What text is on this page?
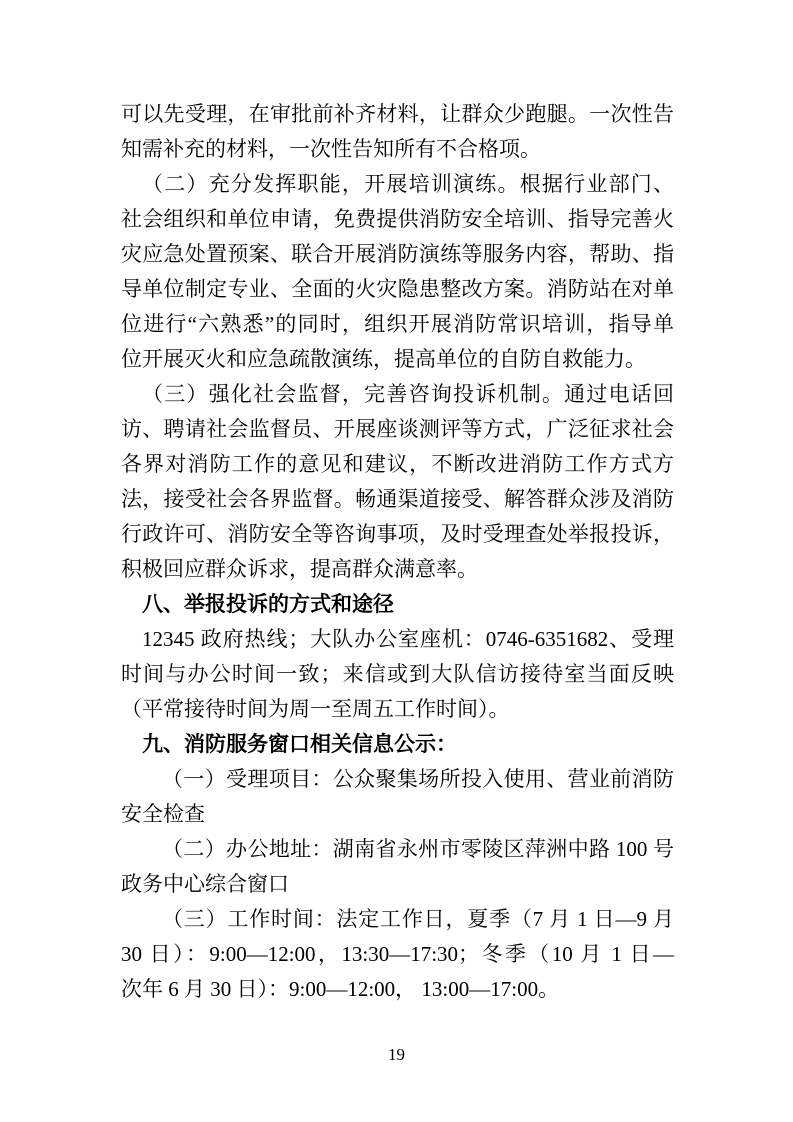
可以先受理，在审批前补齐材料，让群众少跑腿。一次性告
知需补充的材料，一次性告知所有不合格项。
（二）充分发挥职能，开展培训演练。根据行业部门、
社会组织和单位申请，免费提供消防安全培训、指导完善火
灾应急处置预案、联合开展消防演练等服务内容，帮助、指
导单位制定专业、全面的火灾隐患整改方案。消防站在对单
位进行“六熟悉”的同时，组织开展消防常识培训，指导单
位开展灭火和应急疏散演练，提高单位的自防自救能力。
（三）强化社会监督，完善咨询投诉机制。通过电话回
访、聘请社会监督员、开展座谈测评等方式，广泛征求社会
各界对消防工作的意见和建议，不断改进消防工作方式方
法，接受社会各界监督。畅通渠道接受、解答群众涉及消防
行政许可、消防安全等咨询事项，及时受理查处举报投诉，
积极回应群众诉求，提高群众满意率。
八、举报投诉的方式和途径
12345 政府热线；大队办公室座机：0746-6351682、受理
时间与办公时间一致；来信或到大队信访接待室当面反映
（平常接待时间为周一至周五工作时间）。
九、消防服务窗口相关信息公示：
（一）受理项目：公众聚集场所投入使用、营业前消防
安全检查
（二）办公地址：湖南省永州市零陵区萍洲中路 100 号
政务中心综合窗口
（三）工作时间：法定工作日，夏季（7 月 1 日—9 月
30 日）：9:00—12:00，13:30—17:30；冬季（10 月 1 日—
次年 6 月 30 日）：9:00—12:00， 13:00—17:00。
19
